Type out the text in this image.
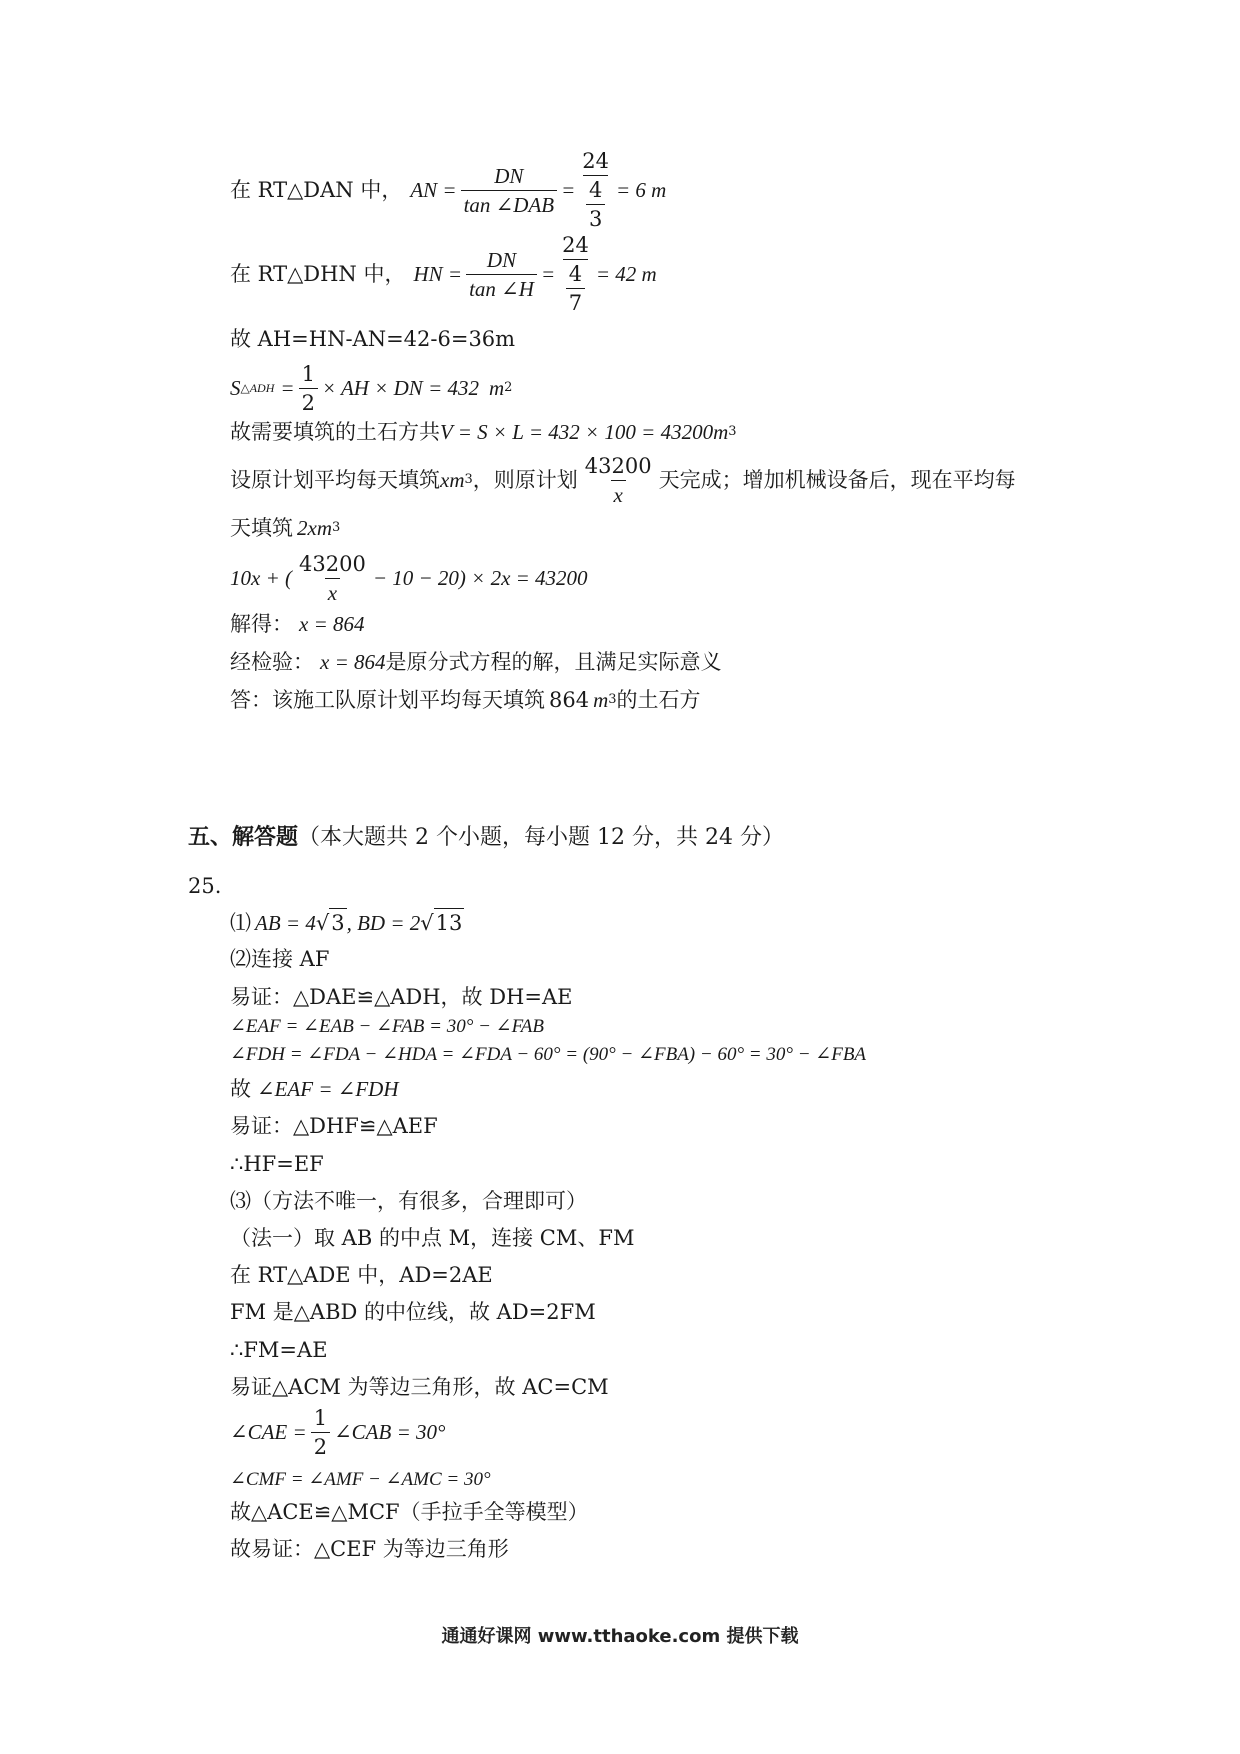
在 RT△DAN 中， AN = $\frac{DN}{\text{tan ∠DAB}} = \frac{24}{\frac{4}{3}} = 6$ m
在 RT△DHN 中， HN = $\frac{DN}{\tan \angle H} = \frac{24}{\frac{4}{7}} = 42$ m
故 AH=HN-AN=42-6=36m
S △ADH = $\frac{1}{2}$ × AH × DN = 432 m 2
故需要填筑的土石方共 V = S × L = 432 × 100 = 43200m 3
设原计划平均每天填筑 xm 3 ，则原计划 $\frac{43200}{x}$ 天完成；增加机械设备后，现在平均每
天填筑 2xm 3
10x + ( $\frac{43200}{x} - 10 - 20) \times 2x = 43200$
解得： x = 864
经检验： x = 864 是原分式方程的解，且满足实际意义
答：该施工队原计划平均每天填筑 864 m 3 的土石方
五、解答题（本大题共 2 个小题，每小题 12 分，共 24 分）
25.
⑴ AB = 4 √ 3 , BD = 2 √ 13
⑵连接 AF
易证：△DAE≌△ADH，故 DH=AE
∠EAF = ∠EAB − ∠FAB = 30° − ∠FAB
∠FDH = ∠FDA − ∠HDA = ∠FDA − 60° = (90° − ∠FBA) − 60° = 30° − ∠FBA
故 ∠EAF = ∠FDH
易证：△DHF≌△AEF
∴HF=EF
⑶（方法不唯一，有很多，合理即可）
（法一）取 AB 的中点 M，连接 CM、FM
在 RT△ADE 中，AD=2AE
FM 是△ABD 的中位线，故 AD=2FM
∴FM=AE
易证△ACM 为等边三角形，故 AC=CM
∠CAE = $\frac{1}{2}$ ∠CAB = 30°
∠CMF = ∠AMF − ∠AMC = 30°
故△ACE≌△MCF（手拉手全等模型）
故易证：△CEF 为等边三角形
通通好课网 www.tthaoke.com 提供下载
